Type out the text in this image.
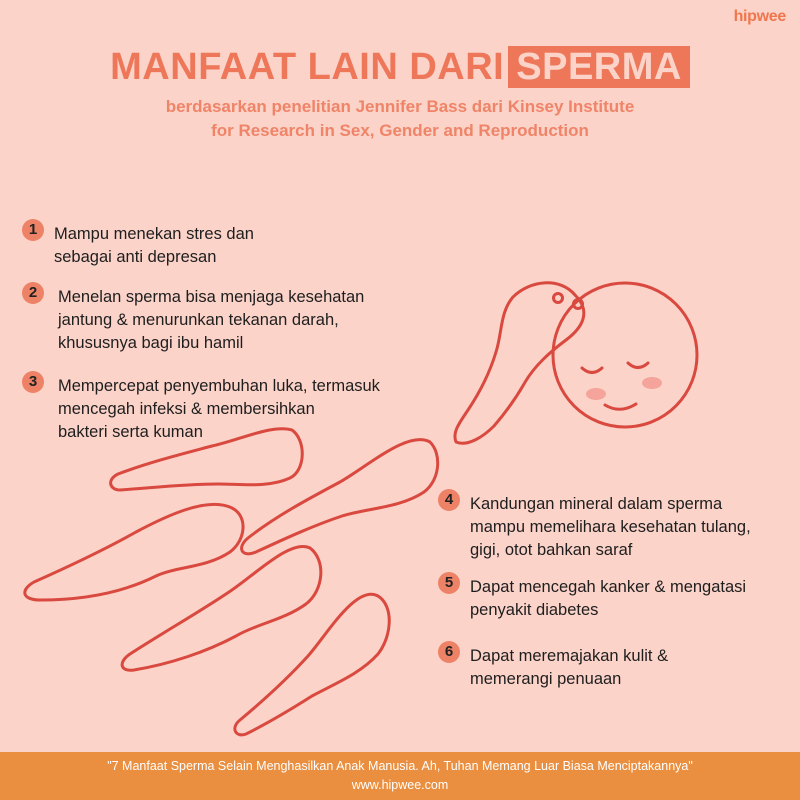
hipwee
MANFAAT LAIN DARI SPERMA
berdasarkan penelitian Jennifer Bass dari Kinsey Institute
for Research in Sex, Gender and Reproduction
1	Mampu menekan stres dan
sebagai anti depresan
2	Menelan sperma bisa menjaga kesehatan
jantung & menurunkan tekanan darah,
khususnya bagi ibu hamil
3	Mempercepat penyembuhan luka, termasuk
mencegah infeksi & membersihkan
bakteri serta kuman
4	Kandungan mineral dalam sperma
mampu memelihara kesehatan tulang,
gigi, otot bahkan saraf
5	Dapat mencegah kanker & mengatasi
penyakit diabetes
6	Dapat meremajakan kulit &
memerangi penuaan
"7 Manfaat Sperma Selain Menghasilkan Anak Manusia. Ah, Tuhan Memang Luar Biasa Menciptakannya"
www.hipwee.com
